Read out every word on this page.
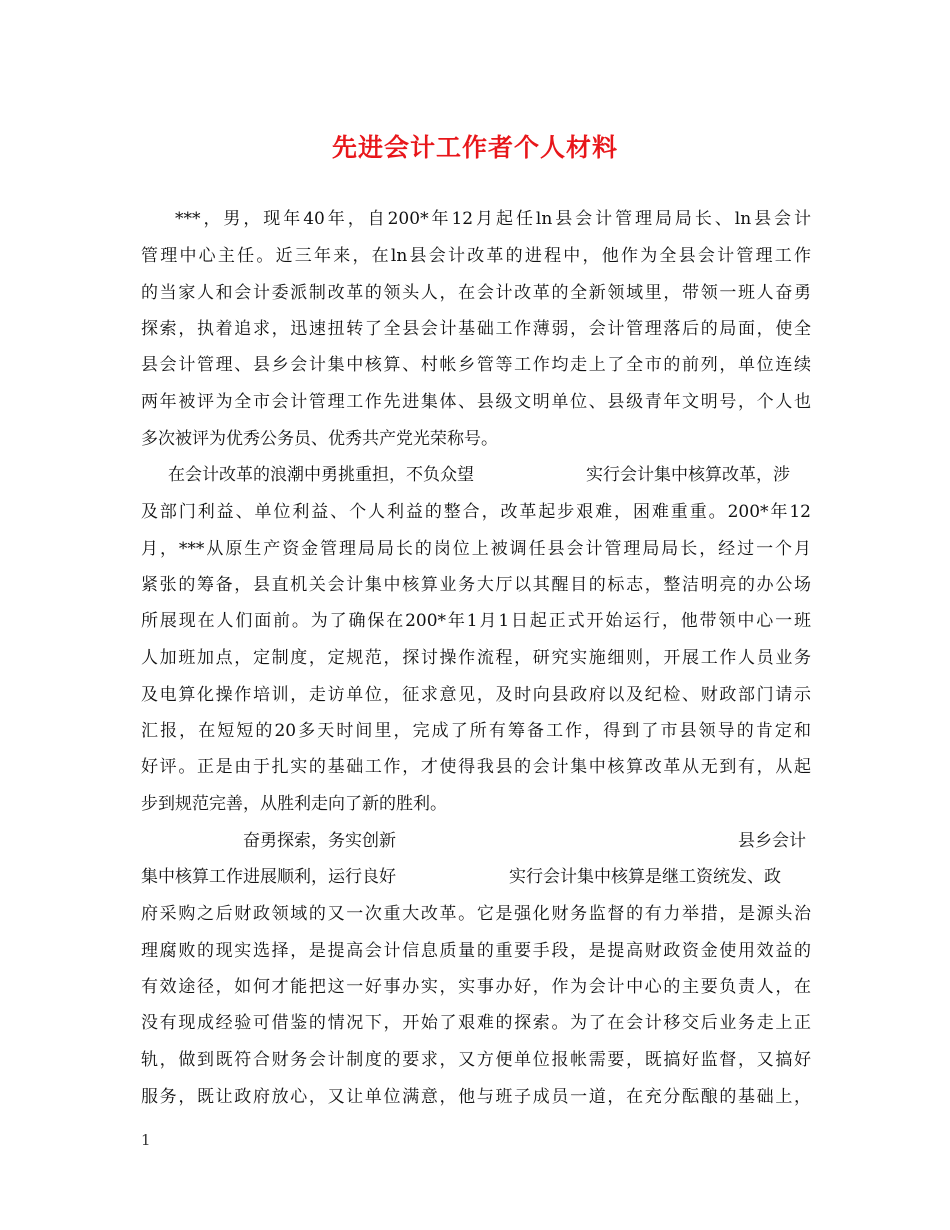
先进会计工作者个人材料
***，男，现年40年，自200*年12月起任ln县会计管理局局长、ln县会计
管理中心主任。近三年来，在ln县会计改革的进程中，他作为全县会计管理工作
的当家人和会计委派制改革的领头人，在会计改革的全新领域里，带领一班人奋勇
探索，执着追求，迅速扭转了全县会计基础工作薄弱，会计管理落后的局面，使全
县会计管理、县乡会计集中核算、村帐乡管等工作均走上了全市的前列，单位连续
两年被评为全市会计管理工作先进集体、县级文明单位、县级青年文明号，个人也
多次被评为优秀公务员、优秀共产党光荣称号。
在会计改革的浪潮中勇挑重担，不负众望	实行会计集中核算改革，涉
及部门利益、单位利益、个人利益的整合，改革起步艰难，困难重重。200*年12
月，***从原生产资金管理局局长的岗位上被调任县会计管理局局长，经过一个月
紧张的筹备，县直机关会计集中核算业务大厅以其醒目的标志，整洁明亮的办公场
所展现在人们面前。为了确保在200*年1月1日起正式开始运行，他带领中心一班
人加班加点，定制度，定规范，探讨操作流程，研究实施细则，开展工作人员业务
及电算化操作培训，走访单位，征求意见，及时向县政府以及纪检、财政部门请示
汇报，在短短的20多天时间里，完成了所有筹备工作，得到了市县领导的肯定和
好评。正是由于扎实的基础工作，才使得我县的会计集中核算改革从无到有，从起
步到规范完善，从胜利走向了新的胜利。
奋勇探索，务实创新	县乡会计
集中核算工作进展顺利，运行良好	实行会计集中核算是继工资统发、政
府采购之后财政领域的又一次重大改革。它是强化财务监督的有力举措，是源头治
理腐败的现实选择，是提高会计信息质量的重要手段，是提高财政资金使用效益的
有效途径，如何才能把这一好事办实，实事办好，作为会计中心的主要负责人，在
没有现成经验可借鉴的情况下，开始了艰难的探索。为了在会计移交后业务走上正
轨，做到既符合财务会计制度的要求，又方便单位报帐需要，既搞好监督，又搞好
服务，既让政府放心，又让单位满意，他与班子成员一道，在充分酝酿的基础上，
1
